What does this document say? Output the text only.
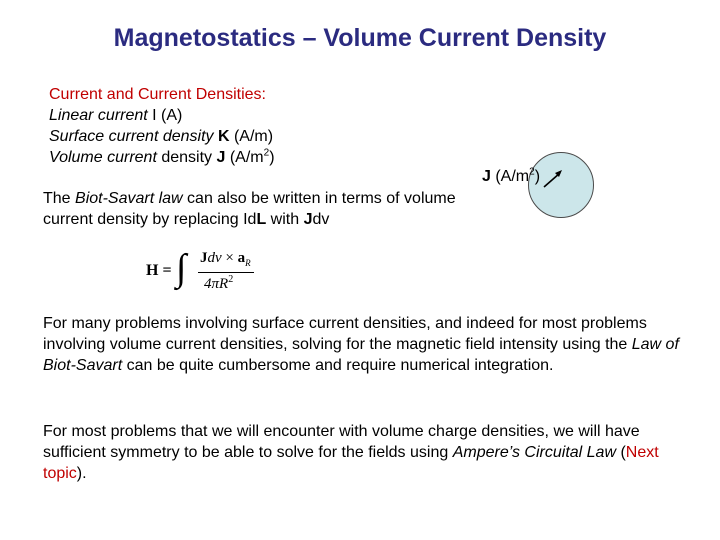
Magnetostatics – Volume Current Density
Current and Current Densities:
Linear current I (A)
Surface current density K (A/m)
Volume current density J $(A/m^2)$
The Biot-Savart law can also be written in terms of volume current density by replacing IdL with Jdv
J $(A/m^2)$
H = ∫ Jdv × $a_R$
$4\pi R^2$
For many problems involving surface current densities, and indeed for most problems involving volume current densities, solving for the magnetic field intensity using the Law of Biot-Savart can be quite cumbersome and require numerical integration.
For most problems that we will encounter with volume charge densities, we will have sufficient symmetry to be able to solve for the fields using Ampere’s Circuital Law (Next topic).
